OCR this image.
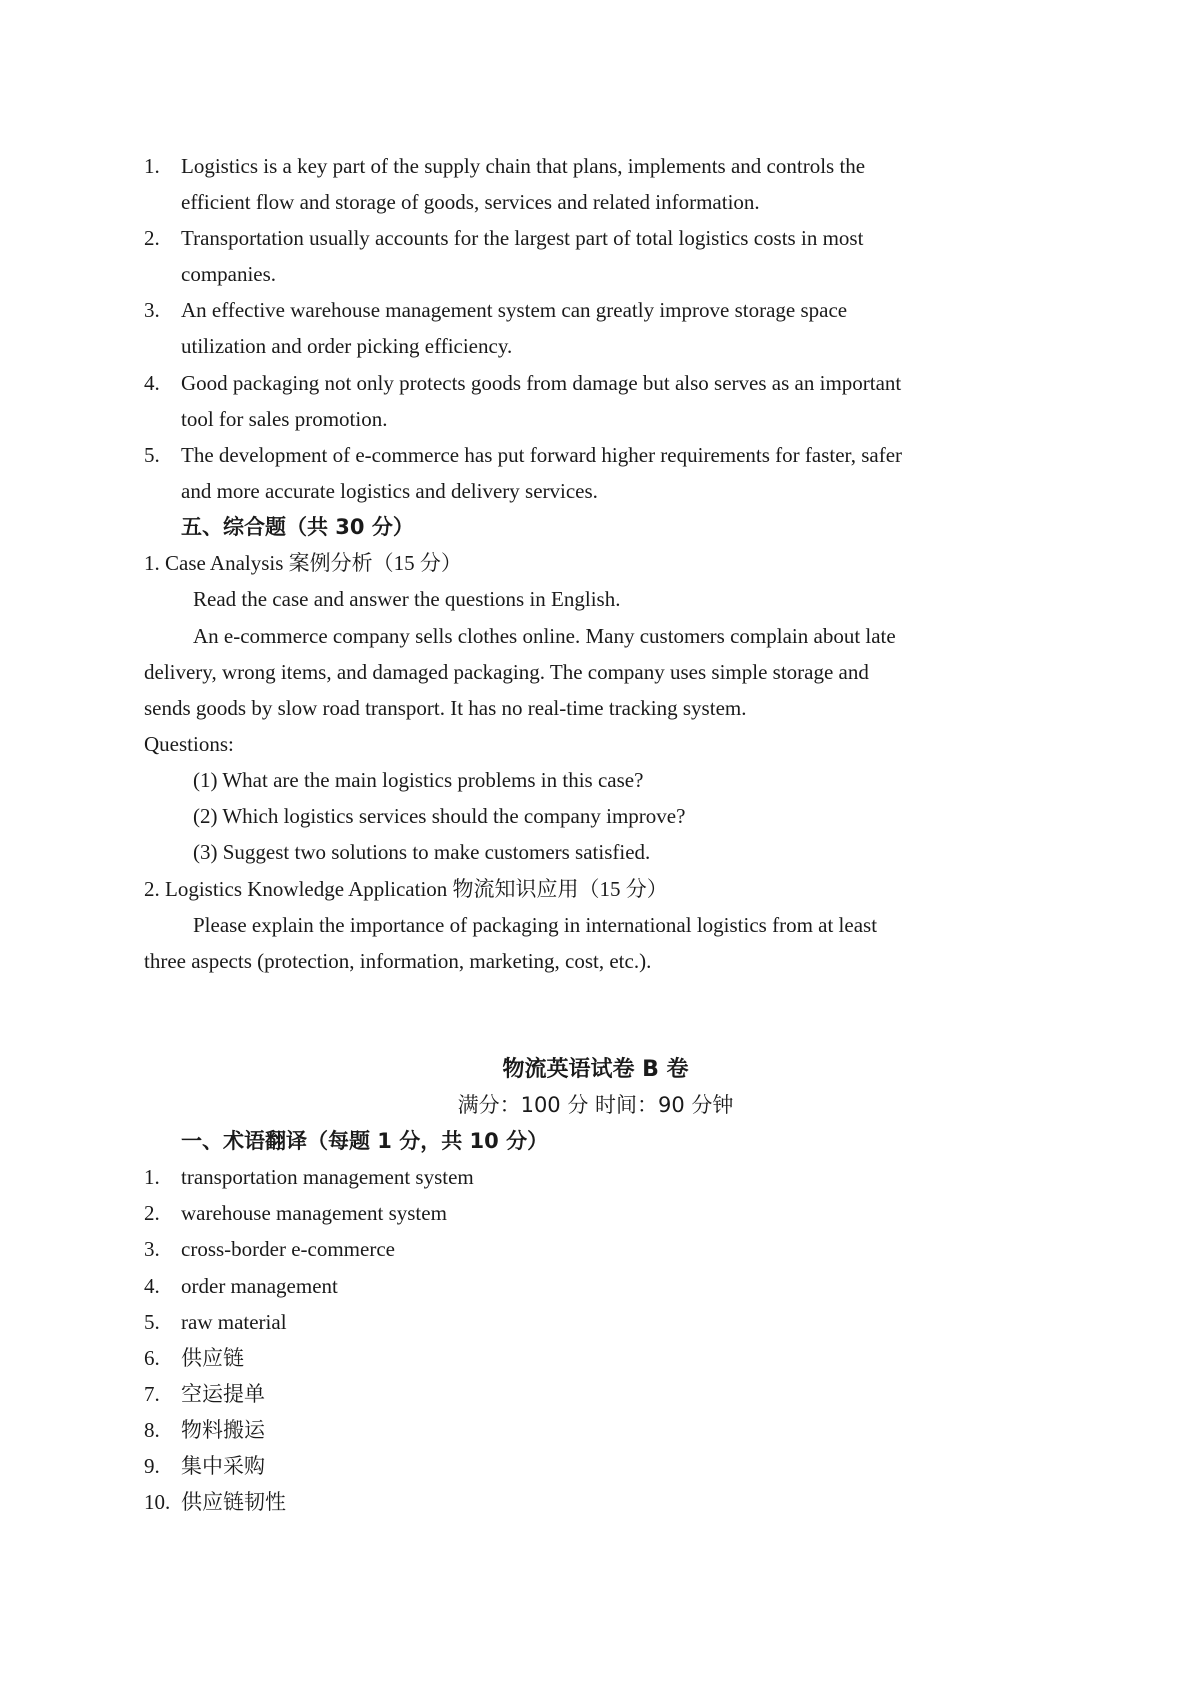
1. Logistics is a key part of the supply chain that plans, implements and controls the
efficient flow and storage of goods, services and related information.
2. Transportation usually accounts for the largest part of total logistics costs in most
companies.
3. An effective warehouse management system can greatly improve storage space
utilization and order picking efficiency.
4. Good packaging not only protects goods from damage but also serves as an important
tool for sales promotion.
5. The development of e-commerce has put forward higher requirements for faster, safer
and more accurate logistics and delivery services.
五、综合题（共 30 分）
1. Case Analysis 案例分析（15 分）
Read the case and answer the questions in English.
An e-commerce company sells clothes online. Many customers complain about late
delivery, wrong items, and damaged packaging. The company uses simple storage and
sends goods by slow road transport. It has no real-time tracking system.
Questions:
(1) What are the main logistics problems in this case?
(2) Which logistics services should the company improve?
(3) Suggest two solutions to make customers satisfied.
2. Logistics Knowledge Application 物流知识应用（15 分）
Please explain the importance of packaging in international logistics from at least
three aspects (protection, information, marketing, cost, etc.).
物流英语试卷 B 卷
满分：100 分 时间：90 分钟
一、术语翻译（每题 1 分，共 10 分）
1. transportation management system
2. warehouse management system
3. cross-border e-commerce
4. order management
5. raw material
6. 供应链
7. 空运提单
8. 物料搬运
9. 集中采购
10. 供应链韧性
